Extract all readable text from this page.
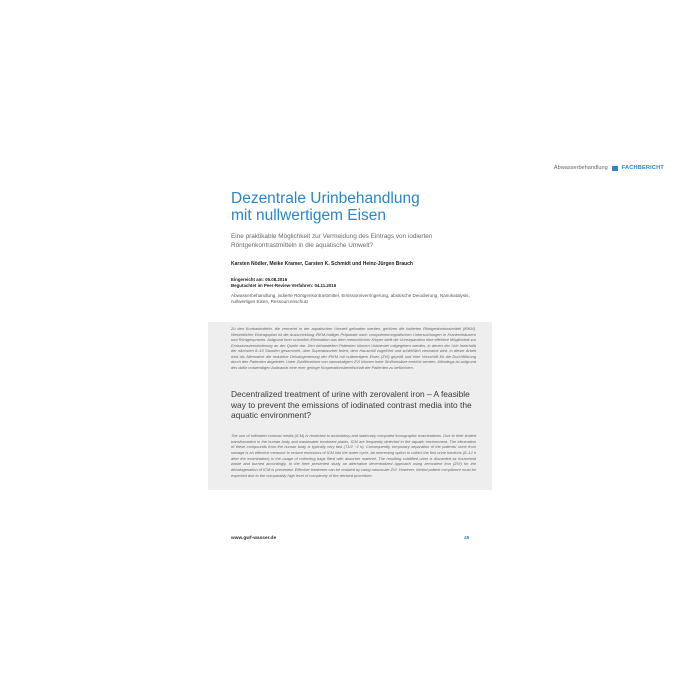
Abwasserbehandlung	FACHBERICHT
Dezentrale Urinbehandlung
mit nullwertigem Eisen
Eine praktikable Möglichkeit zur Vermeidung des Eintrags von iodierten Röntgenkontrastmitteln in die aquatische Umwelt?
Karsten Nödler, Meike Kramer, Carsten K. Schmidt und Heinz-Jürgen Brauch
Eingereicht am: 05.08.2016
Begutachtet im Peer-Review-Verfahren: 04.11.2016
Abwasserbehandlung, iodierte Röntgenkontrastmittel, Emissionsverringerung, abiotische Deiodierung, Nanokatalysis, nullwertiges Eisen, Ressourcenschutz
Zu den Kontrastmitteln, die vermehrt in der aquatischen Umwelt gefunden werden, gehören die iodierten Röntgenkontrastmittel (iRKM). Wesentlicher Eintragspfad ist die Ausscheidung iRKM-haltiger Präparate nach computertomografischen Untersuchungen in Krankenhäusern und Röntgenpraxen. Aufgrund ihrer schnellen Elimination aus dem menschlichen Körper stellt die Urinseparation eine effektive Möglichkeit zur Emissionsverminderung an der Quelle dar. Den behandelten Patienten können Urinbeutel mitgegeben werden, in denen der Urin innerhalb der nächsten 8–10 Stunden gesammelt, über Superabsorber fixiert, dem Hausmüll zugeführt und schließlich verbrannt wird. In dieser Arbeit wird als Alternative die reduktive Dehalogenierung der iRKM mit nullwertigem Eisen (ZVI) geprüft und eine Vorschrift für die Durchführung durch den Patienten abgeleitet. Unter Zuhilfenahme von nanoskaligem ZVI können hohe Stoffumsätze erreicht werden. Allerdings ist aufgrund des dafür notwendigen Aufwands eine eher geringe Kooperationsbereitschaft der Patienten zu befürchten.
Decentralized treatment of urine with zerovalent iron – A feasible way to prevent the emissions of iodinated contrast media into the aquatic environment?
The use of iodinated contrast media (ICM) is restricted to ambulatory and stationary computed tomographic examinations. Due to their limited transformation in the human body and wastewater treatment plants, ICM are frequently detected in the aquatic environment. The elimination of these compounds from the human body is typically very fast (T1/2 ~2 h). Consequently, temporary separation of the patients' urine from sewage is an effective measure to reduce emissions of ICM into the water cycle. An interesting option to collect the first urine fractions (8–12 h after the examination) is the usage of collecting bags filled with absorber material. The resulting solidified urine is discarded as household waste and burned accordingly. In the here presented study an alternative decentralized approach using zerovalent iron (ZVI) for the dehalogenation of ICM is presented. Effective treatment can be realized by using nanoscale ZVI. However, limited patient compliance must be expected due to the comparably high level of complexity of the devised procedure.
www.gwf-wasser.de	45
